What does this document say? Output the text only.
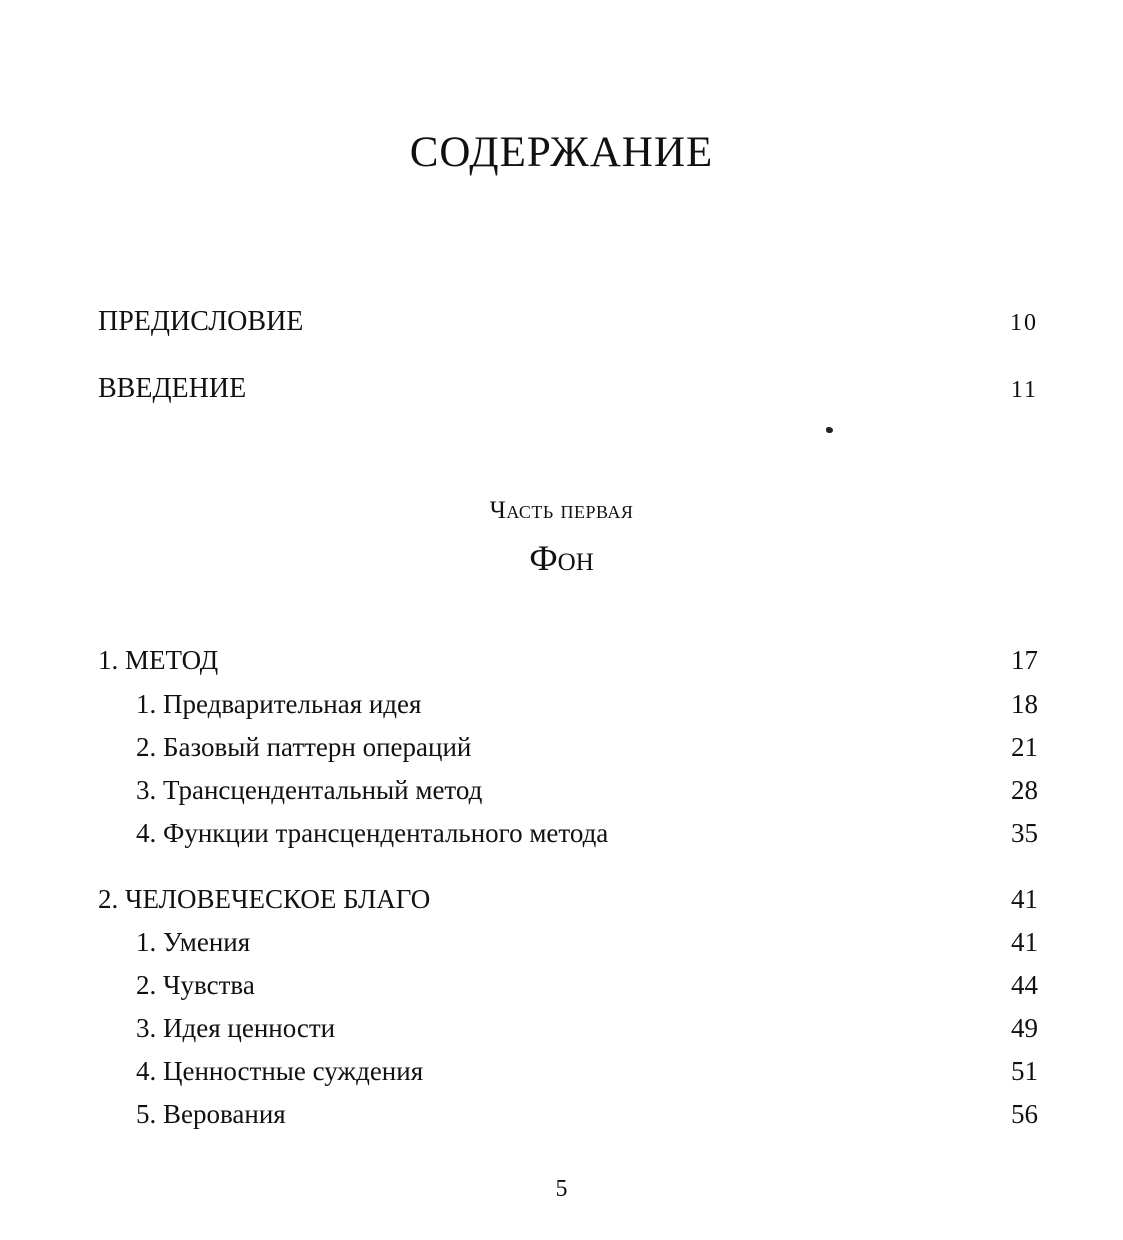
СОДЕРЖАНИЕ
ПРЕДИСЛОВИЕ	10
ВВЕДЕНИЕ	11
Часть первая
Фон
1. МЕТОД	17
1. Предварительная идея	18
2. Базовый паттерн операций	21
3. Трансцендентальный метод	28
4. Функции трансцендентального метода	35
2. ЧЕЛОВЕЧЕСКОЕ БЛАГО	41
1. Умения	41
2. Чувства	44
3. Идея ценности	49
4. Ценностные суждения	51
5. Верования	56
5
